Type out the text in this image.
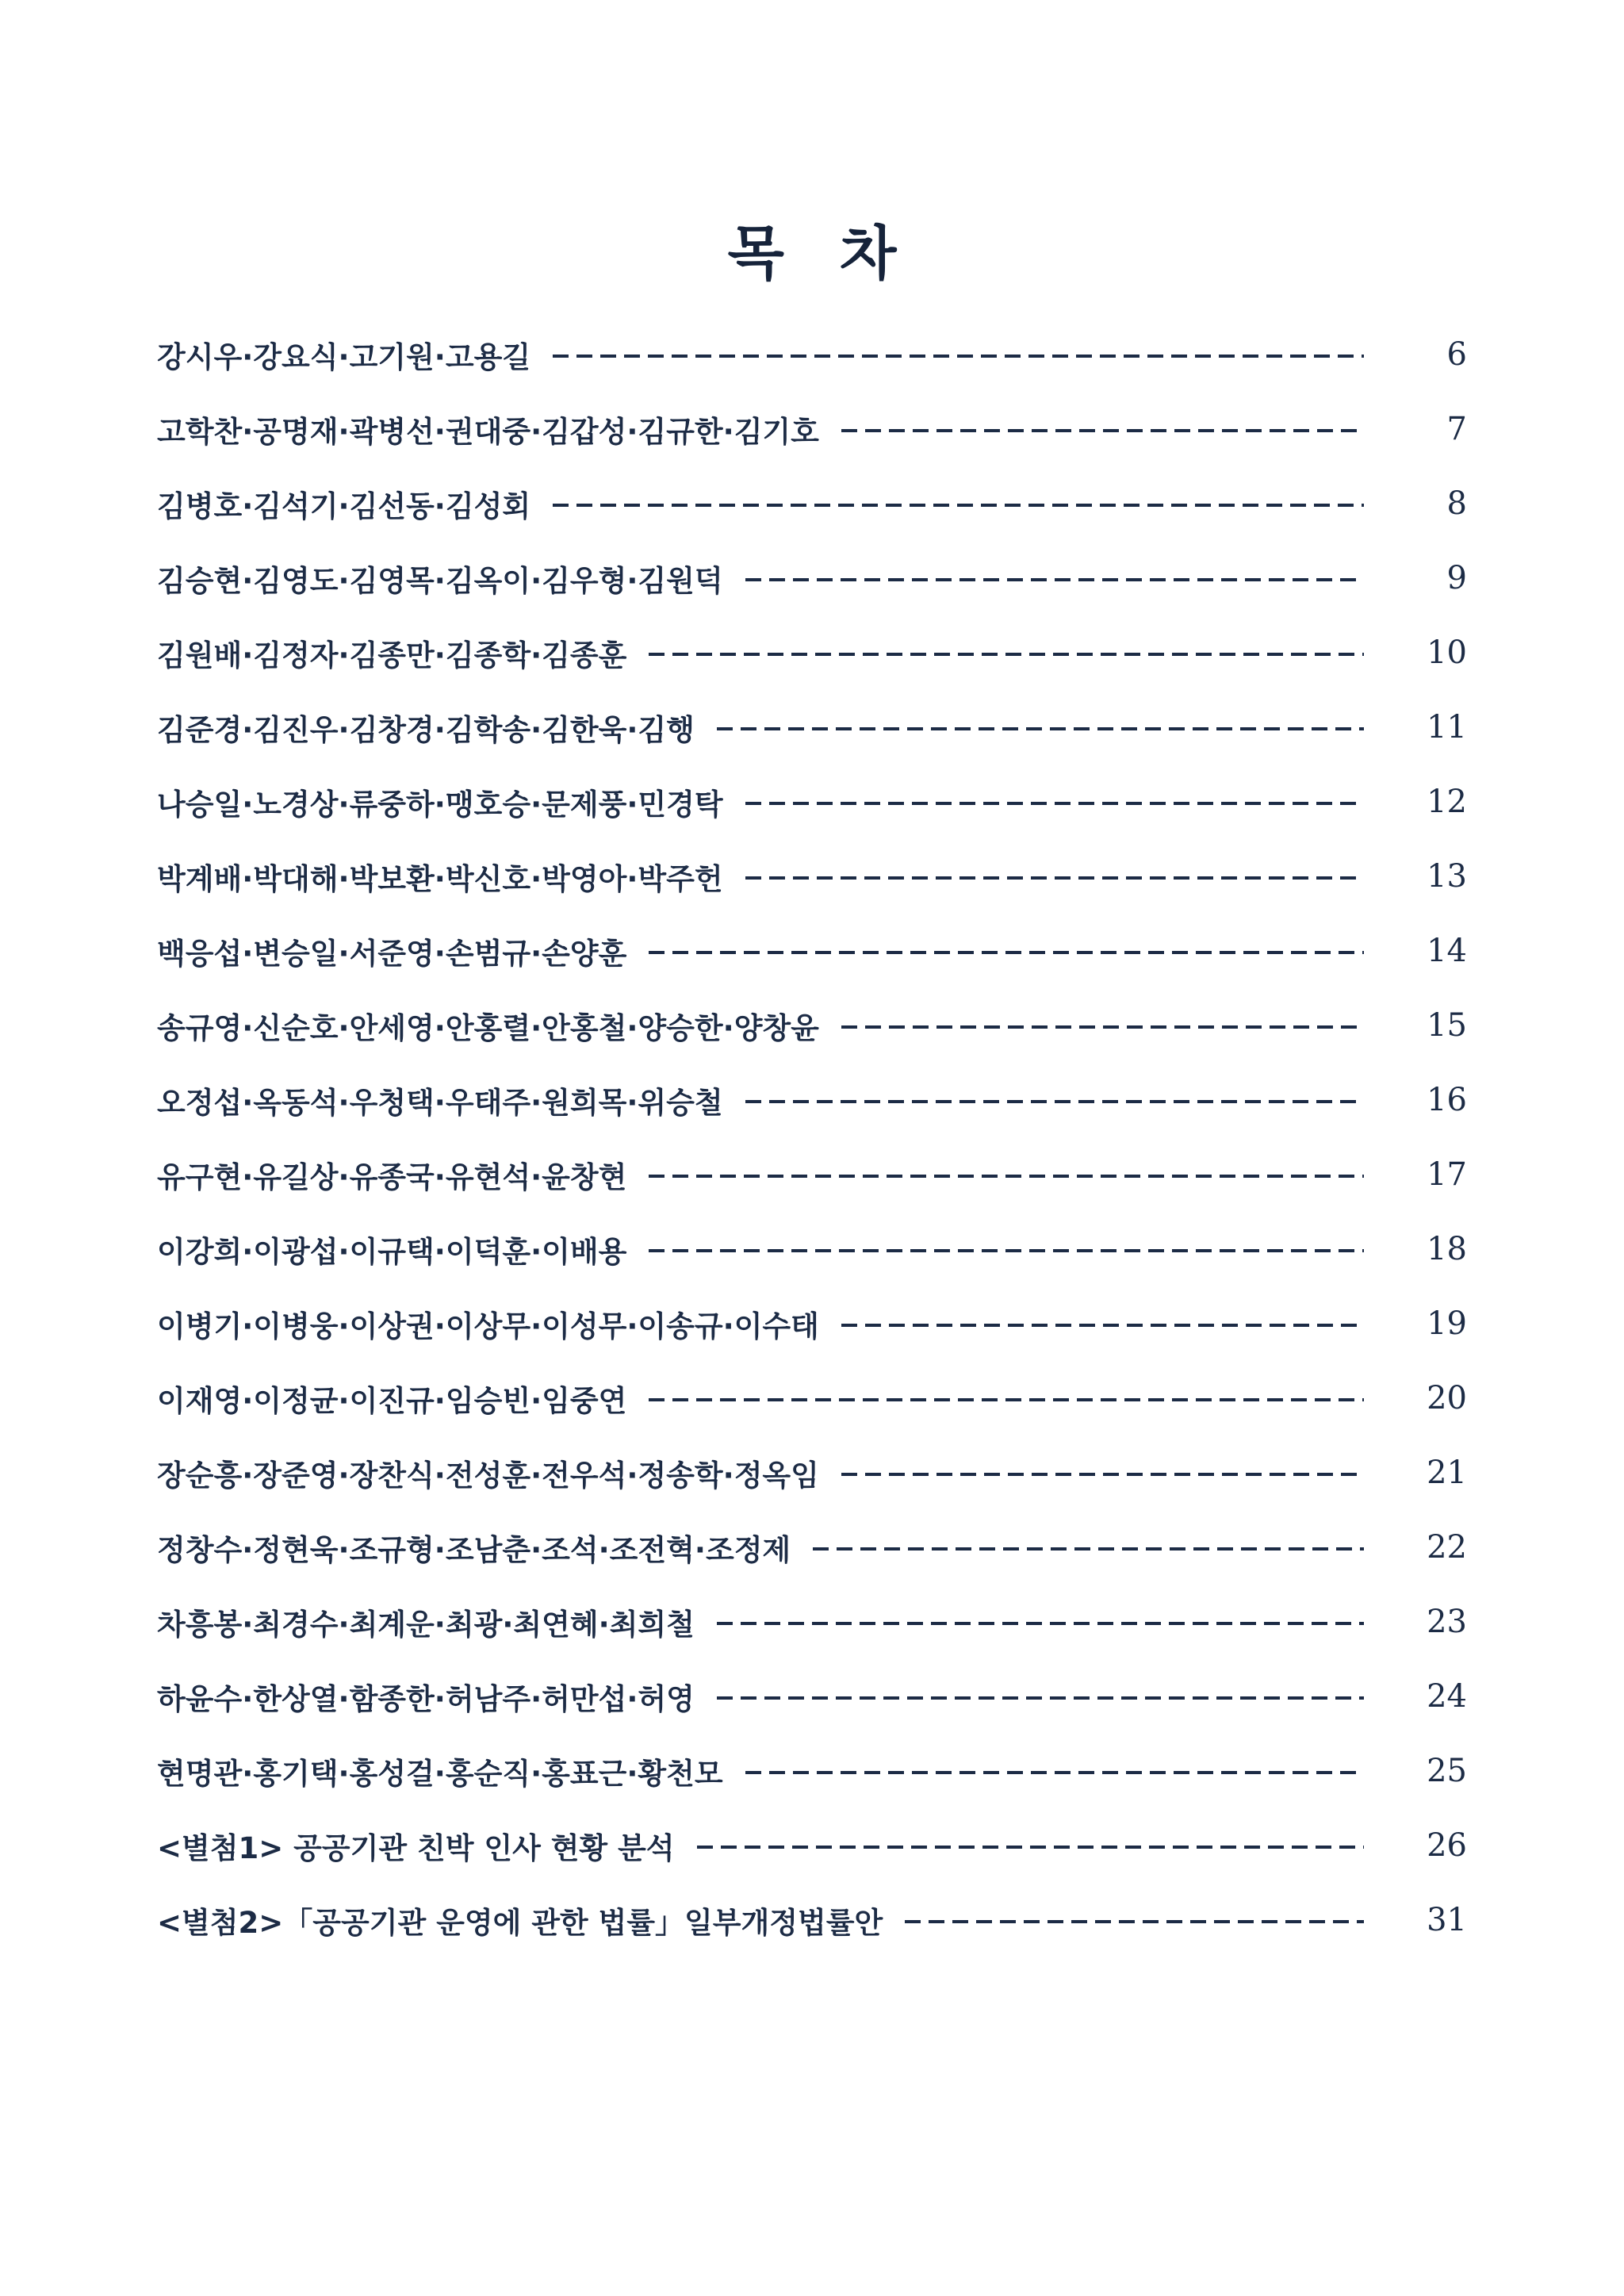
목 차
강시우·강요식·고기원·고용길	6
고학찬·공명재·곽병선·권대중·김갑성·김규한·김기호	7
김병호·김석기·김선동·김성회	8
김승현·김영도·김영목·김옥이·김우형·김원덕	9
김원배·김정자·김종만·김종학·김종훈	10
김준경·김진우·김창경·김학송·김한욱·김행	11
나승일·노경상·류중하·맹호승·문제풍·민경탁	12
박계배·박대해·박보환·박신호·박영아·박주헌	13
백응섭·변승일·서준영·손범규·손양훈	14
송규영·신순호·안세영·안홍렬·안홍철·양승한·양창윤	15
오정섭·옥동석·우청택·우태주·원희목·위승철	16
유구현·유길상·유종국·유현석·윤창현	17
이강희·이광섭·이규택·이덕훈·이배용	18
이병기·이병웅·이상권·이상무·이성무·이송규·이수태	19
이재영·이정균·이진규·임승빈·임중연	20
장순흥·장준영·장찬식·전성훈·전우석·정송학·정옥임	21
정창수·정현욱·조규형·조남춘·조석·조전혁·조정제	22
차흥봉·최경수·최계운·최광·최연혜·최희철	23
하윤수·한상열·함종한·허남주·허만섭·허영	24
현명관·홍기택·홍성걸·홍순직·홍표근·황천모	25
<별첨1> 공공기관 친박 인사 현황 분석	26
<별첨2>「공공기관 운영에 관한 법률」일부개정법률안	31
